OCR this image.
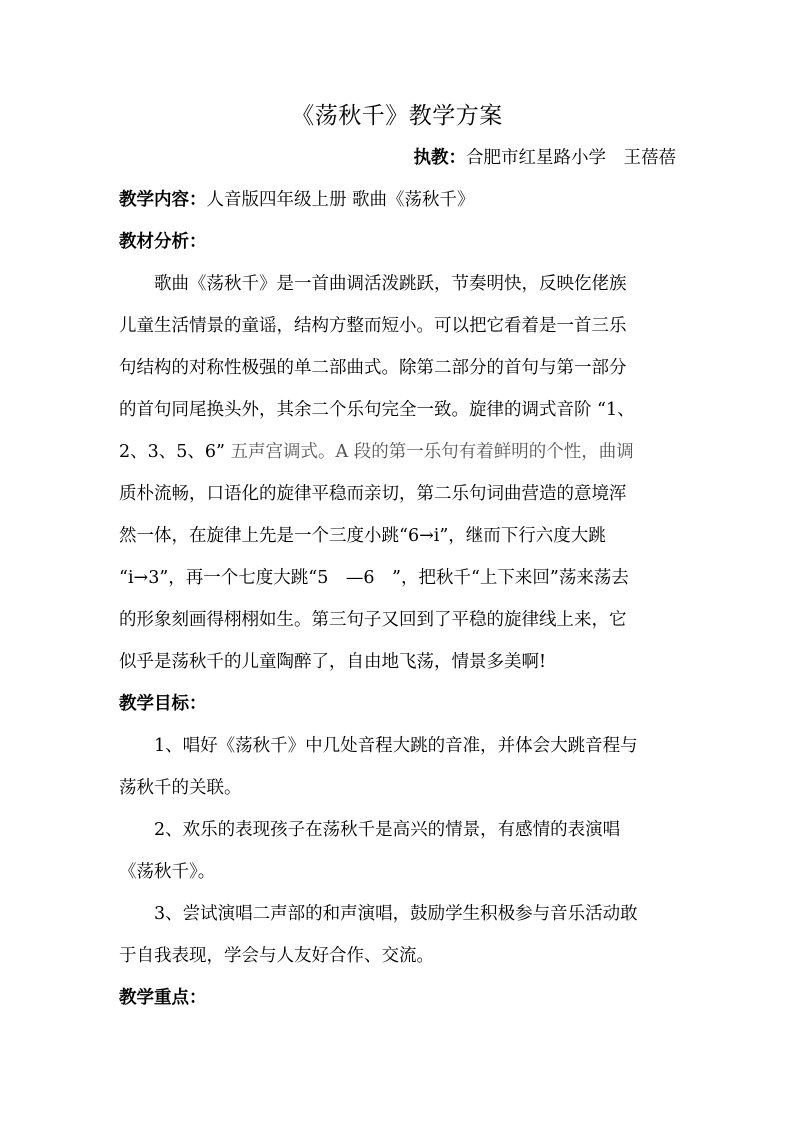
《荡秋千》教学方案
执教：合肥市红星路小学　王蓓蓓
教学内容：人音版四年级上册 歌曲《荡秋千》
教材分析：
　　歌曲《荡秋千》是一首曲调活泼跳跃，节奏明快，反映仡佬族
儿童生活情景的童谣，结构方整而短小。可以把它看着是一首三乐
句结构的对称性极强的单二部曲式。除第二部分的首句与第一部分
的首句同尾换头外，其余二个乐句完全一致。旋律的调式音阶 “1、
2、3、5、6” 五声宫调式。A 段的第一乐句有着鲜明的个性，曲调
质朴流畅，口语化的旋律平稳而亲切，第二乐句词曲营造的意境浑
然一体，在旋律上先是一个三度小跳“6→i”，继而下行六度大跳
“i→3”，再一个七度大跳“5　—6　”，把秋千“上下来回”荡来荡去
的形象刻画得栩栩如生。第三句子又回到了平稳的旋律线上来，它
似乎是荡秋千的儿童陶醉了，自由地飞荡，情景多美啊!
教学目标：
　　1、唱好《荡秋千》中几处音程大跳的音准，并体会大跳音程与
荡秋千的关联。
　　2、欢乐的表现孩子在荡秋千是高兴的情景，有感情的表演唱
《荡秋千》。
　　3、尝试演唱二声部的和声演唱，鼓励学生积极参与音乐活动敢
于自我表现，学会与人友好合作、交流。
教学重点：
